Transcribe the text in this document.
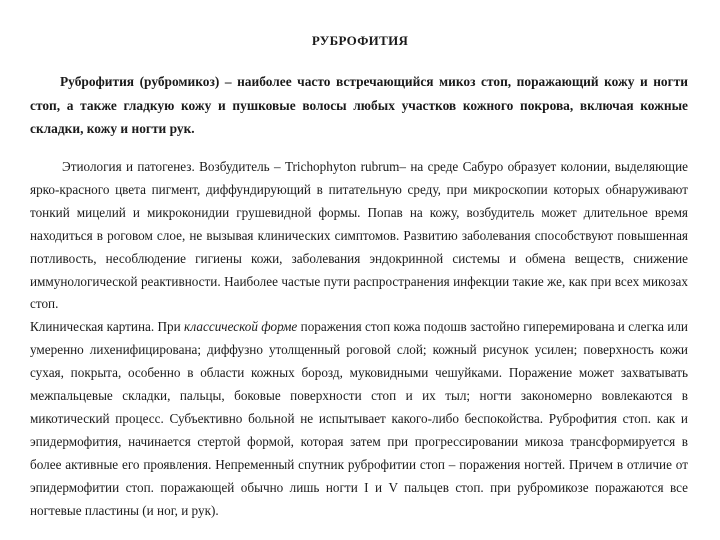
РУБРОФИТИЯ
Руброфития (рубромикоз) – наиболее часто встречающийся микоз стоп, поражающий кожу и ногти стоп, а также гладкую кожу и пушковые волосы любых участков кожного покрова, включая кожные складки, кожу и ногти рук.

Этиология и патогенез. Возбудитель – Trichophyton rubrum– на среде Сабуро образует колонии, выделяющие ярко-красного цвета пигмент, диффундирующий в питательную среду, при микроскопии которых обнаруживают тонкий мицелий и микроконидии грушевидной формы. Попав на кожу, возбудитель может длительное время находиться в роговом слое, не вызывая клинических симптомов. Развитию заболевания способствуют повышенная потливость, несоблюдение гигиены кожи, заболевания эндокринной системы и обмена веществ, снижение иммунологической реактивности. Наиболее частые пути распространения инфекции такие же, как при всех микозах стоп.

Клиническая картина. При классической форме поражения стоп кожа подошв застойно гиперемирована и слегка или умеренно лихенифицирована; диффузно утолщенный роговой слой; кожный рисунок усилен; поверхность кожи сухая, покрыта, особенно в области кожных борозд, муковидными чешуйками. Поражение может захватывать межпальцевые складки, пальцы, боковые поверхности стоп и их тыл; ногти закономерно вовлекаются в микотический процесс. Субъективно больной не испытывает какого-либо беспокойства. Руброфития стоп. как и эпидермофития, начинается стертой формой, которая затем при прогрессировании микоза трансформируется в более активные его проявления. Непременный спутник руброфитии стоп – поражения ногтей. Причем в отличие от эпидермофитии стоп. поражающей обычно лишь ногти I и V пальцев стоп. при рубромикозе поражаются все ногтевые пластины (и ног, и рук).
